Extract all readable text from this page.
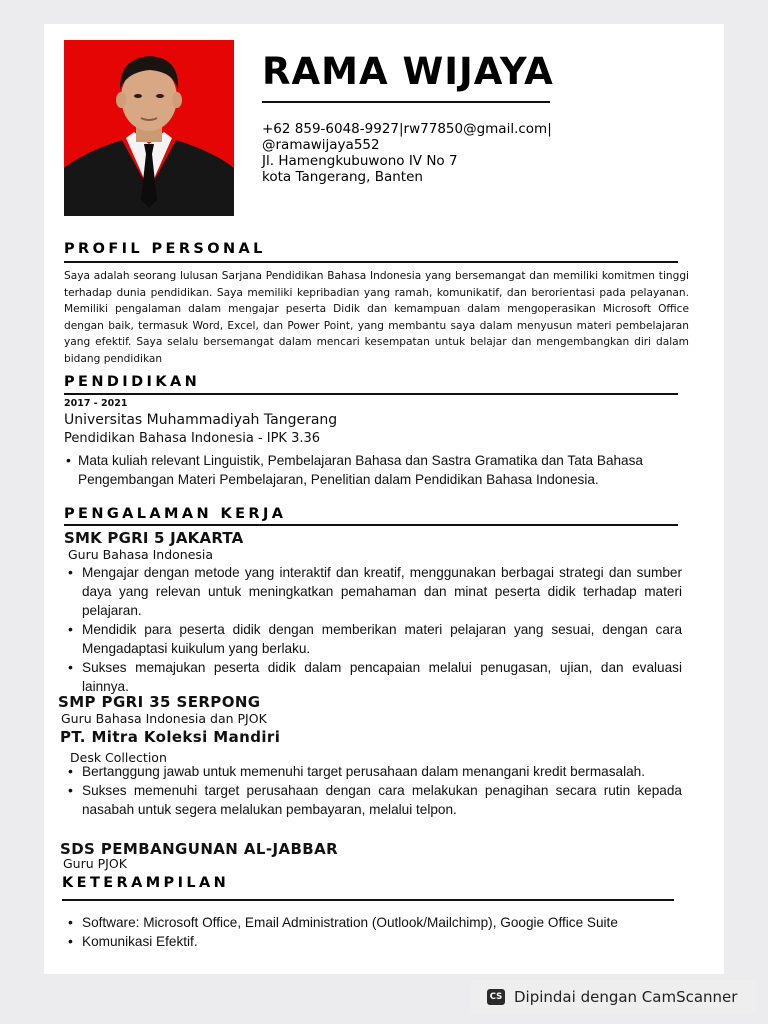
RAMA WIJAYA
+62 859-6048-9927|rw77850@gmail.com|
@ramawijaya552
Jl. Hamengkubuwono IV No 7
kota Tangerang, Banten
PROFIL PERSONAL

Saya adalah seorang lulusan Sarjana Pendidikan Bahasa Indonesia yang bersemangat dan memiliki komitmen tinggi terhadap dunia pendidikan. Saya memiliki kepribadian yang ramah, komunikatif, dan berorientasi pada pelayanan. Memiliki pengalaman dalam mengajar peserta Didik dan kemampuan dalam mengoperasikan Microsoft Office dengan baik, termasuk Word, Excel, dan Power Point, yang membantu saya dalam menyusun materi pembelajaran yang efektif. Saya selalu bersemangat dalam mencari kesempatan untuk belajar dan mengembangkan diri dalam bidang pendidikan

PENDIDIKAN
2017 - 2021
Universitas Muhammadiyah Tangerang
Pendidikan Bahasa Indonesia - IPK 3.36
• Mata kuliah relevant Linguistik, Pembelajaran Bahasa dan Sastra Gramatika dan Tata Bahasa Pengembangan Materi Pembelajaran, Penelitian dalam Pendidikan Bahasa Indonesia.
PENGALAMAN KERJA
SMK PGRI 5 JAKARTA
Guru Bahasa Indonesia
• Mengajar dengan metode yang interaktif dan kreatif, menggunakan berbagai strategi dan sumber daya yang relevan untuk meningkatkan pemahaman dan minat peserta didik terhadap materi pelajaran.
• Mendidik para peserta didik dengan memberikan materi pelajaran yang sesuai, dengan cara Mengadaptasi kuikulum yang berlaku.
• Sukses memajukan peserta didik dalam pencapaian melalui penugasan, ujian, dan evaluasi lainnya.
SMP PGRI 35 SERPONG
Guru Bahasa Indonesia dan PJOK
PT. Mitra Koleksi Mandiri
Desk Collection
• Bertanggung jawab untuk memenuhi target perusahaan dalam menangani kredit bermasalah.
• Sukses memenuhi target perusahaan dengan cara melakukan penagihan secara rutin kepada nasabah untuk segera melalukan pembayaran, melalui telpon.
SDS PEMBANGUNAN AL-JABBAR
Guru PJOK
KETERAMPILAN
• Software: Microsoft Office, Email Administration (Outlook/Mailchimp), Googie Office Suite
• Komunikasi Efektif.
CS Dipindai dengan CamScanner
